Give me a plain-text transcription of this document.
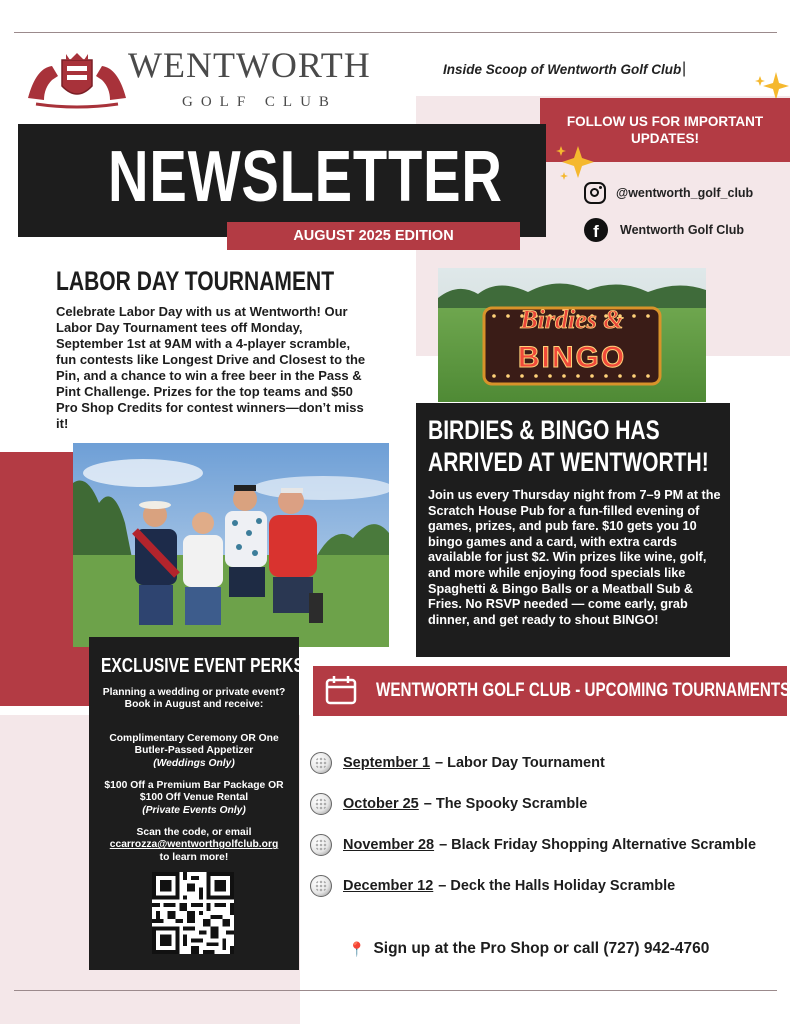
WENTWORTH
GOLF CLUB
Inside Scoop of Wentworth Golf Club |
FOLLOW US FOR IMPORTANT UPDATES!
@wentworth_golf_club
f	Wentworth Golf Club
NEWSLETTER
AUGUST 2025 EDITION
LABOR DAY TOURNAMENT
Celebrate Labor Day with us at Wentworth! Our Labor Day Tournament tees off Monday, September 1st at 9AM with a 4-player scramble, fun contests like Longest Drive and Closest to the Pin, and a chance to win a free beer in the Pass & Pint Challenge. Prizes for the top teams and $50 Pro Shop Credits for contest winners—don’t miss it!
Birdies &
BINGO
BIRDIES & BINGO HAS ARRIVED AT WENTWORTH!
Join us every Thursday night from 7–9 PM at the Scratch House Pub for a fun-filled evening of games, prizes, and pub fare. $10 gets you 10 bingo games and a card, with extra cards available for just $2. Win prizes like wine, golf, and more while enjoying food specials like Spaghetti & Bingo Balls or a Meatball Sub & Fries. No RSVP needed — come early, grab dinner, and get ready to shout BINGO!
EXCLUSIVE EVENT PERKS
Planning a wedding or private event? Book in August and receive:
Complimentary Ceremony OR One Butler-Passed Appetizer
(Weddings Only)
$100 Off a Premium Bar Package OR $100 Off Venue Rental
(Private Events Only)
Scan the code, or email
ccarrozza@wentworthgolfclub.org
to learn more!
WENTWORTH GOLF CLUB - UPCOMING TOURNAMENTS
September 1 – Labor Day Tournament
October 25 – The Spooky Scramble
November 28 – Black Friday Shopping Alternative Scramble
December 12 – Deck the Halls Holiday Scramble
📍 Sign up at the Pro Shop or call (727) 942-4760
